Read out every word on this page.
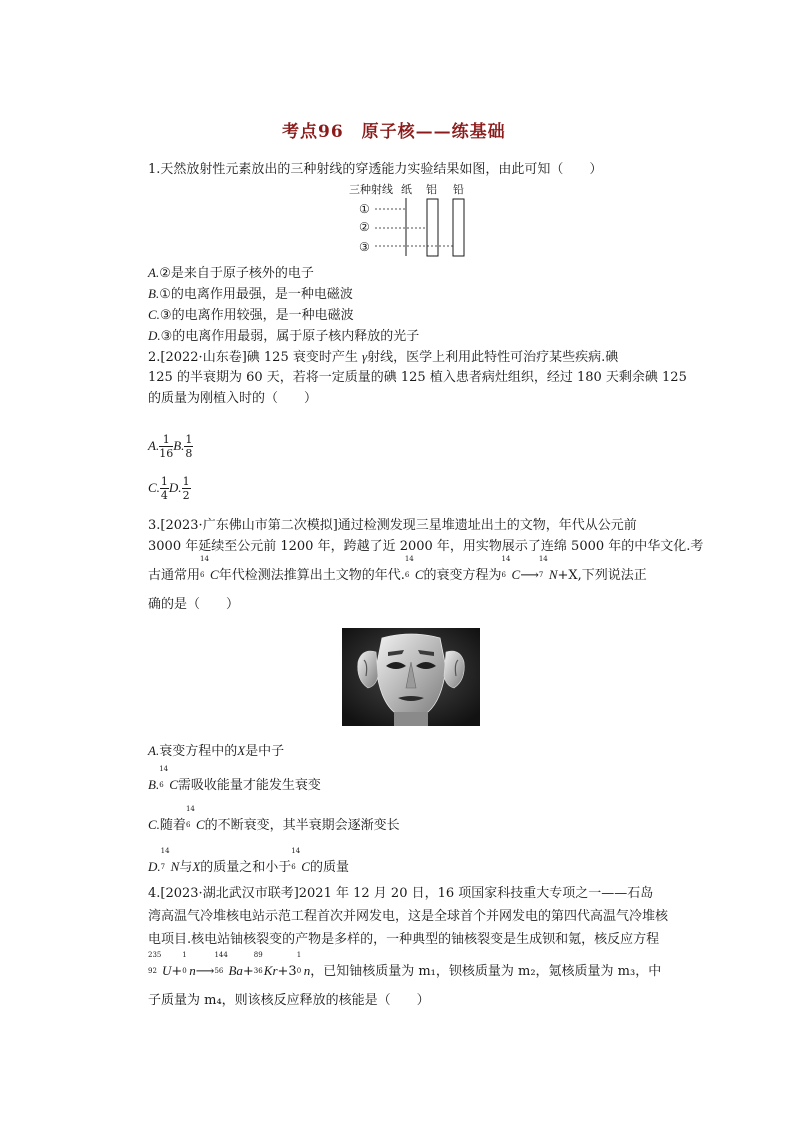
考点96　原子核——练基础
1.天然放射性元素放出的三种射线的穿透能力实验结果如图，由此可知（　　）
三种射线 纸 铝 铅
①
②
③
A.②是来自于原子核外的电子
B.①的电离作用最强，是一种电磁波
C.③的电离作用较强，是一种电磁波
D.③的电离作用最弱，属于原子核内释放的光子
2.[2022·山东卷]碘 125 衰变时产生 γ射线，医学上利用此特性可治疗某些疾病.碘
125 的半衰期为 60 天，若将一定质量的碘 125 植入患者病灶组织，经过 180 天剩余碘 125
的质量为刚植入时的（　　）
A. $\frac{1}{16} B$. $\frac{1}{8}$
C. $\frac{1}{4} D$. $\frac{1}{2}$
3.[2023·广东佛山市第二次模拟]通过检测发现三星堆遗址出土的文物，年代从公元前
3000 年延续至公元前 1200 年，跨越了近 2000 年，用实物展示了连绵 5000 年的中华文化.考
古通常用
14
6 C年代检测法推算出土文物的年代.
14
6 C的衰变方程为
14
6 C⟶
14
7 N+X,下列说法正
确的是（　　）
A.衰变方程中的X是中子
B.
14
6 C需吸收能量才能发生衰变
C.随着
14
6 C的不断衰变，其半衰期会逐渐变长
D.
14
7 N与X的质量之和小于
14
6 C的质量
4.[2023·湖北武汉市联考]2021 年 12 月 20 日，16 项国家科技重大专项之一——石岛
湾高温气冷堆核电站示范工程首次并网发电，这是全球首个并网发电的第四代高温气冷堆核
电项目.核电站铀核裂变的产物是多样的，一种典型的铀核裂变是生成钡和氪，核反应方程
235
92 U+
1
0 n⟶
144
56 Ba+
89
36 Kr+3
1
0 n，已知铀核质量为 m₁，钡核质量为 m₂，氪核质量为 m₃，中
子质量为 m₄，则该核反应释放的核能是（　　）
